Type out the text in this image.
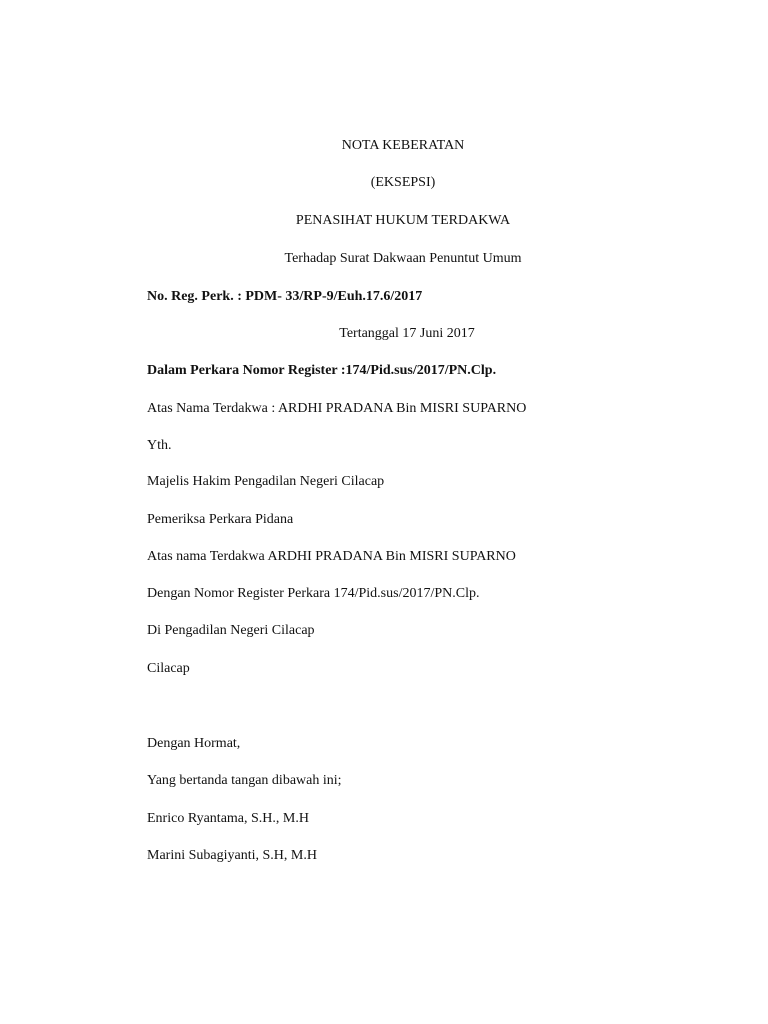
NOTA KEBERATAN
(EKSEPSI)
PENASIHAT HUKUM TERDAKWA
Terhadap Surat Dakwaan Penuntut Umum
No. Reg. Perk. : PDM- 33/RP-9/Euh.17.6/2017
Tertanggal 17 Juni 2017
Dalam Perkara Nomor Register :174/Pid.sus/2017/PN.Clp.
Atas Nama Terdakwa : ARDHI PRADANA Bin MISRI SUPARNO
Yth.
Majelis Hakim Pengadilan Negeri Cilacap
Pemeriksa Perkara Pidana
Atas nama Terdakwa ARDHI PRADANA Bin MISRI SUPARNO
Dengan Nomor Register Perkara 174/Pid.sus/2017/PN.Clp.
Di Pengadilan Negeri Cilacap
Cilacap
Dengan Hormat,
Yang bertanda tangan dibawah ini;
Enrico Ryantama, S.H., M.H
Marini Subagiyanti, S.H, M.H
